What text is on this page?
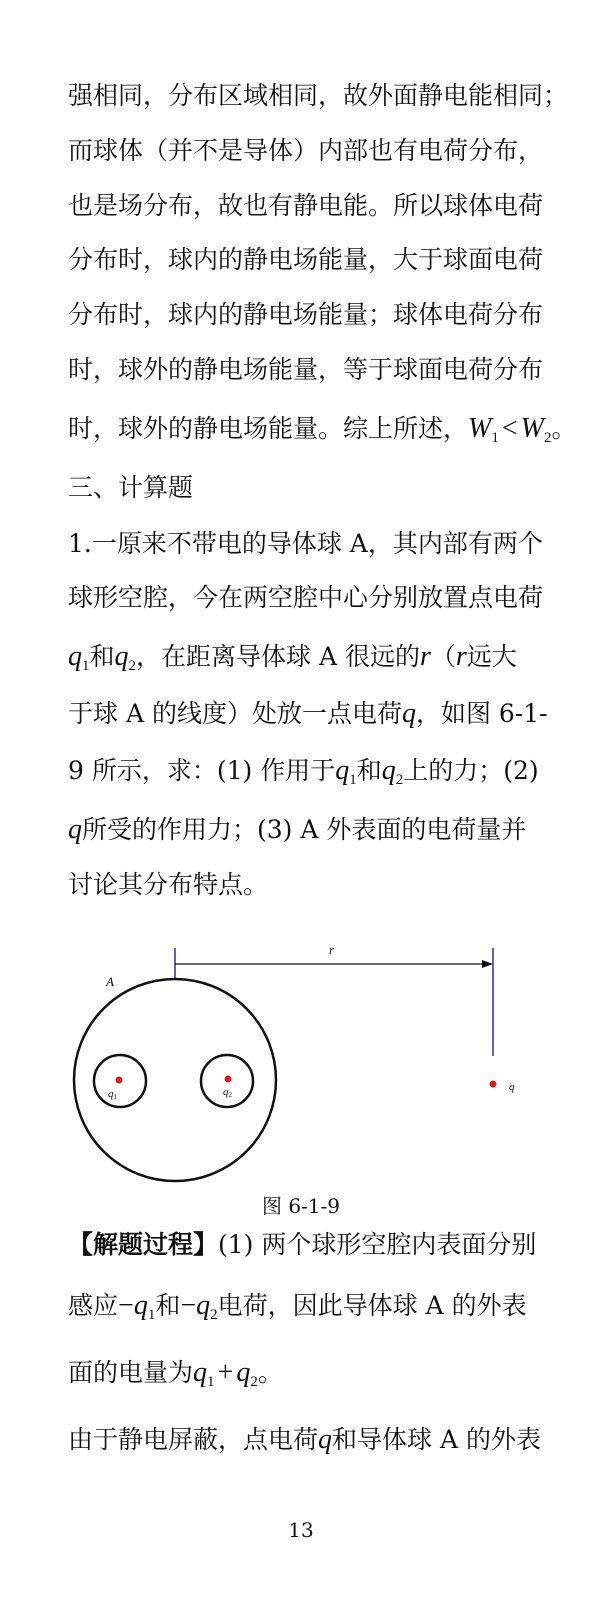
强相同，分布区域相同，故外面静电能相同；
而球体（并不是导体）内部也有电荷分布，
也是场分布，故也有静电能。所以球体电荷
分布时，球内的静电场能量，大于球面电荷
分布时，球内的静电场能量；球体电荷分布
时，球外的静电场能量，等于球面电荷分布
时，球外的静电场能量。综上所述，$W_1 < W_2$。
三、计算题
1.一原来不带电的导体球 A，其内部有两个
球形空腔，今在两空腔中心分别放置点电荷
$q_1$和$q_2$，在距离导体球 A 很远的r（r远大
于球 A 的线度）处放一点电荷q，如图 6-1-
9 所示，求：(1) 作用于$q_1$和$q_2$上的力；(2)
q所受的作用力；(3) A 外表面的电荷量并
讨论其分布特点。
r
A
q1	q2
q
图 6-1-9
【解题过程】(1) 两个球形空腔内表面分别
感应$-q_1$和$-q_2$电荷，因此导体球 A 的外表
面的电量为$q_1 + q_2$。
由于静电屏蔽，点电荷q和导体球 A 的外表
13
